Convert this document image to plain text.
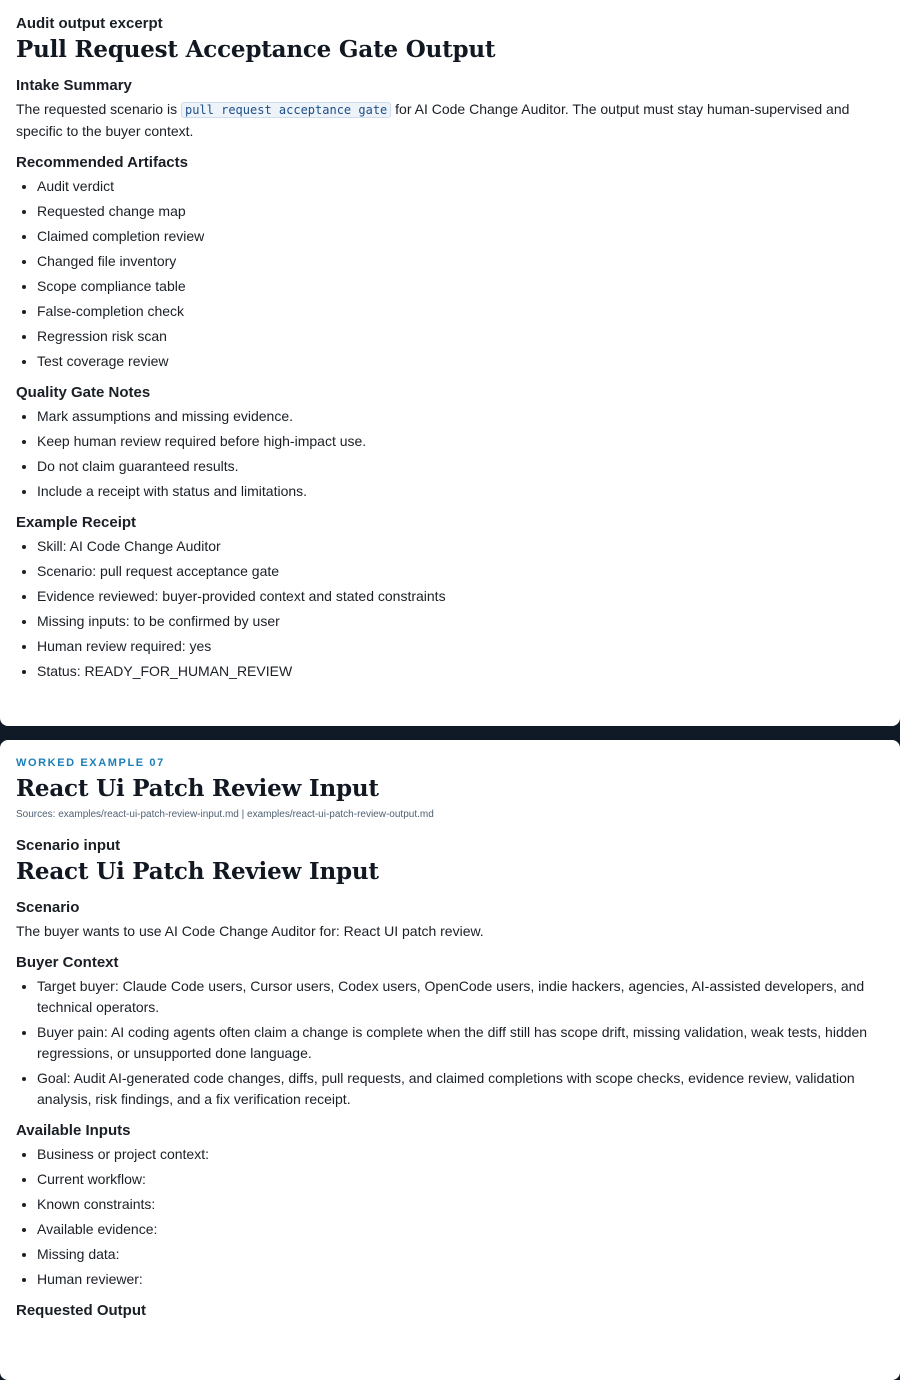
Audit output excerpt

Pull Request Acceptance Gate Output
Intake Summary

The requested scenario is pull request acceptance gate for AI Code Change Auditor. The output must stay human-supervised and specific to the buyer context.

Recommended Artifacts
• Audit verdict
• Requested change map
• Claimed completion review
• Changed file inventory
• Scope compliance table
• False-completion check
• Regression risk scan
• Test coverage review
Quality Gate Notes
• Mark assumptions and missing evidence.
• Keep human review required before high-impact use.
• Do not claim guaranteed results.
• Include a receipt with status and limitations.
Example Receipt
• Skill: AI Code Change Auditor
• Scenario: pull request acceptance gate
• Evidence reviewed: buyer-provided context and stated constraints
• Missing inputs: to be confirmed by user
• Human review required: yes
• Status: READY_FOR_HUMAN_REVIEW

WORKED EXAMPLE 07

React Ui Patch Review Input

Sources: examples/react-ui-patch-review-input.md | examples/react-ui-patch-review-output.md

Scenario input

React Ui Patch Review Input
Scenario

The buyer wants to use AI Code Change Auditor for: React UI patch review.

Buyer Context
• Target buyer: Claude Code users, Cursor users, Codex users, OpenCode users, indie hackers, agencies, AI-assisted developers, and technical operators.
• Buyer pain: AI coding agents often claim a change is complete when the diff still has scope drift, missing validation, weak tests, hidden regressions, or unsupported done language.
• Goal: Audit AI-generated code changes, diffs, pull requests, and claimed completions with scope checks, evidence review, validation analysis, risk findings, and a fix verification receipt.
Available Inputs
• Business or project context:
• Current workflow:
• Known constraints:
• Available evidence:
• Missing data:
• Human reviewer:
Requested Output
